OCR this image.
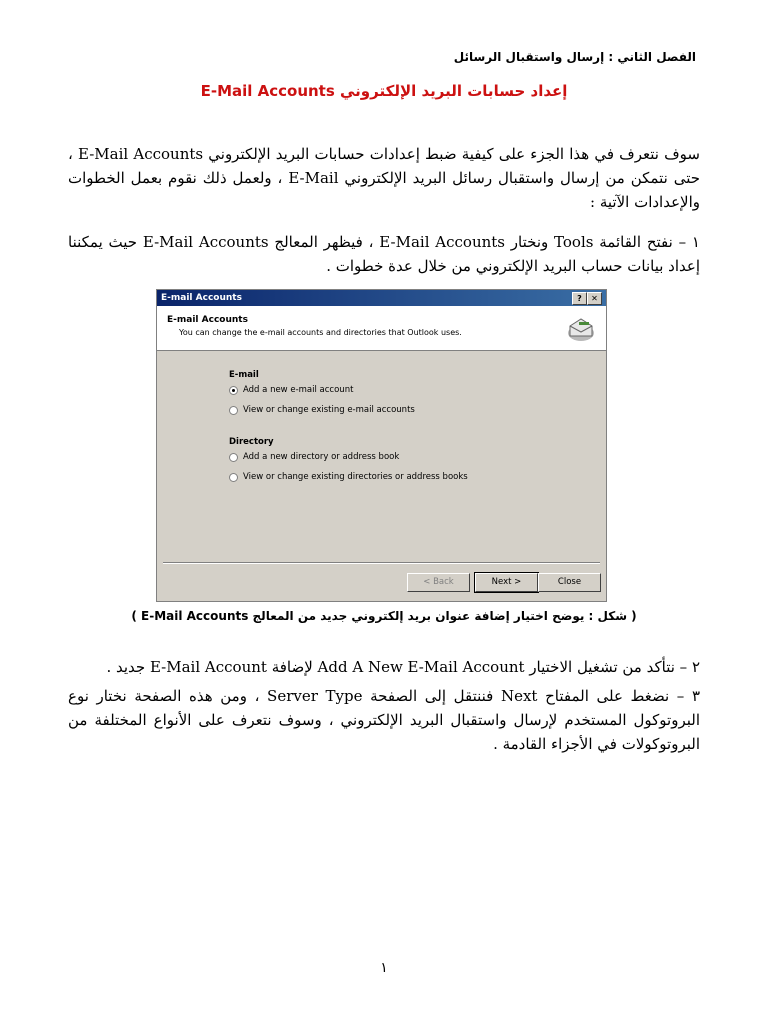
الفصل الثاني : إرسال واستقبال الرسائل
إعداد حسابات البريد الإلكتروني E-Mail Accounts
سوف نتعرف في هذا الجزء على كيفية ضبط إعدادات حسابات البريد الإلكتروني E-Mail Accounts ، حتى نتمكن من إرسال واستقبال رسائل البريد الإلكتروني E-Mail ، ولعمل ذلك نقوم بعمل الخطوات والإعدادات الآتية :
١ – نفتح القائمة Tools ونختار E-Mail Accounts ، فيظهر المعالج E-Mail Accounts حيث يمكننا إعداد بيانات حساب البريد الإلكتروني من خلال عدة خطوات .
E-mail Accounts	?	✕
E-mail Accounts
You can change the e-mail accounts and directories that Outlook uses.
E-mail
Add a new e-mail account
View or change existing e-mail accounts
Directory
Add a new directory or address book
View or change existing directories or address books
< Back	Next >	Close
( شكل : يوضح اختيار إضافة عنوان بريد إلكتروني جديد من المعالج E-Mail Accounts )
٢ – نتأكد من تشغيل الاختيار Add A New E-Mail Account لإضافة E-Mail Account جديد .
٣ – نضغط على المفتاح Next فننتقل إلى الصفحة Server Type ، ومن هذه الصفحة نختار نوع البروتوكول المستخدم لإرسال واستقبال البريد الإلكتروني ، وسوف نتعرف على الأنواع المختلفة من البروتوكولات في الأجزاء القادمة .
١
